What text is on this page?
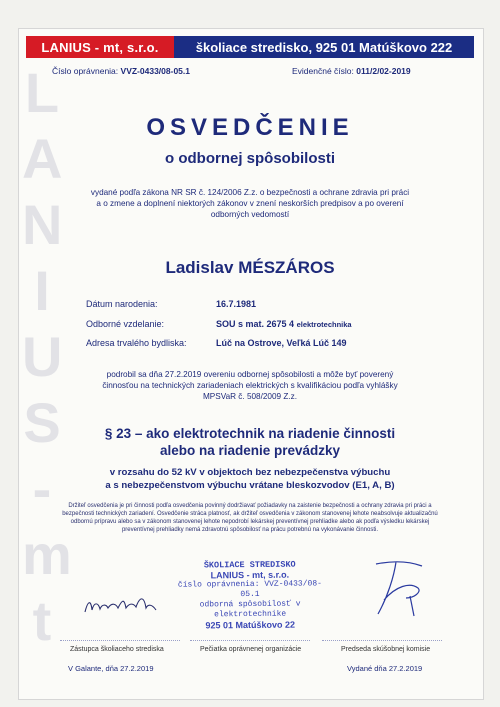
L
A
N
I
U
S
-
m
t
LANIUS - mt, s.r.o.	školiace stredisko, 925 01 Matúškovo 222
Číslo oprávnenia: VVZ-0433/08-05.1	Evidenčné číslo: 011/2/02-2019
OSVEDČENIE
o odbornej spôsobilosti
vydané podľa zákona NR SR č. 124/2006 Z.z. o bezpečnosti a ochrane zdravia pri práci a o zmene a doplnení niektorých zákonov v znení neskorších predpisov a po overení odborných vedomostí
Ladislav MÉSZÁROS
Dátum narodenia:	16.7.1981
Odborné vzdelanie:	SOU s mat. 2675 4 elektrotechnika
Adresa trvalého bydliska:	Lúč na Ostrove, Veľká Lúč 149
podrobil sa dňa 27.2.2019 overeniu odbornej spôsobilosti a môže byť poverený činnosťou na technických zariadeniach elektrických s kvalifikáciou podľa vyhlášky MPSVaR č. 508/2009 Z.z.
§ 23 – ako elektrotechnik na riadenie činnosti
alebo na riadenie prevádzky
v rozsahu do 52 kV v objektoch bez nebezpečenstva výbuchu
a s nebezpečenstvom výbuchu vrátane bleskozvodov (E1, A, B)
Držiteľ osvedčenia je pri činnosti podľa osvedčenia povinný dodržiavať požiadavky na zaistenie bezpečnosti a ochrany zdravia pri práci a bezpečnosti technických zariadení. Osvedčenie stráca platnosť, ak držiteľ osvedčenia v zákonom stanovenej lehote neabsolvuje aktualizačnú odbornú prípravu alebo sa v zákonom stanovenej lehote nepodrobí lekárskej preventívnej prehliadke alebo ak podľa výsledku lekárskej preventívnej prehliadky nemá zdravotnú spôsobilosť na prácu potrebnú na vykonávanie činnosti.
ŠKOLIACE STREDISKO
LANIUS - mt, s.r.o.
číslo oprávnenia: VVZ-0433/08-05.1
odborná spôsobilosť v elektrotechnike
925 01 Matúškovo 22
Zástupca školiaceho strediska	Pečiatka oprávnenej organizácie	Predseda skúšobnej komisie
V Galante, dňa 27.2.2019	Vydané dňa 27.2.2019
